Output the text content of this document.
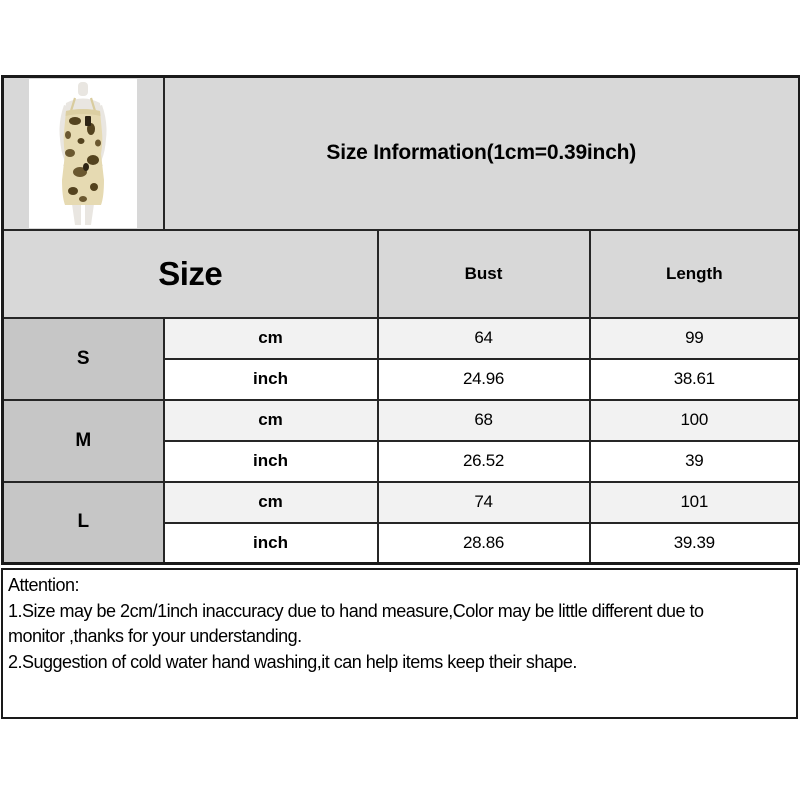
	Size Information(1cm=0.39inch)		
Size		Bust	Length
S	cm	64	99
	inch	24.96	38.61
M	cm	68	100
	inch	26.52	39
L	cm	74	101
	inch	28.86	39.39
Attention:
1.Size may be 2cm/1inch inaccuracy due to hand measure,Color may be little different due to
monitor ,thanks for your understanding.
2.Suggestion of cold water hand washing,it can help items keep their shape.
